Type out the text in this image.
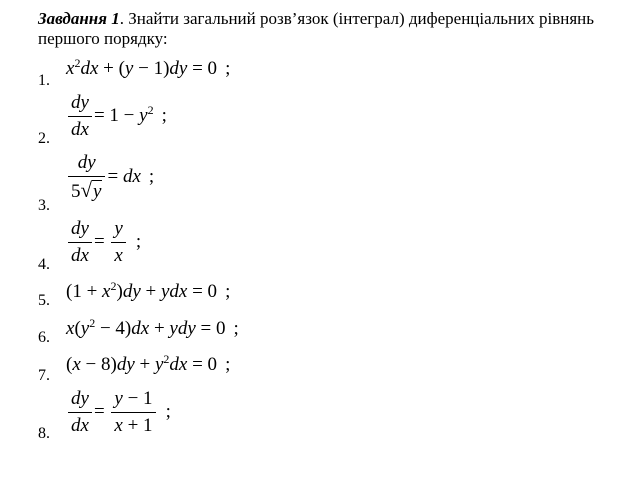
Завдання 1. Знайти загальний розв’язок (інтеграл) диференціальних рівнянь першого порядку:
1.
$x^2dx + (y - 1)dy = 0$ ;
2. $\frac{dy}{dx} = 1 - y^2$ ;
3.
$\frac{dy}{5√y}$ = dx ;
4. $\frac{dy}{dx} = \frac{y}{x}$ ;
5. $(1 + x^2)dy$ + ydx = 0 ;
6. $x(y^2 - 4)dx$ + ydy = 0 ;
7.
$(x - 8)dy + y^2dx = 0$ ;
8. $\frac{dy}{dx} = \frac{y - 1}{x + 1}$ ;
